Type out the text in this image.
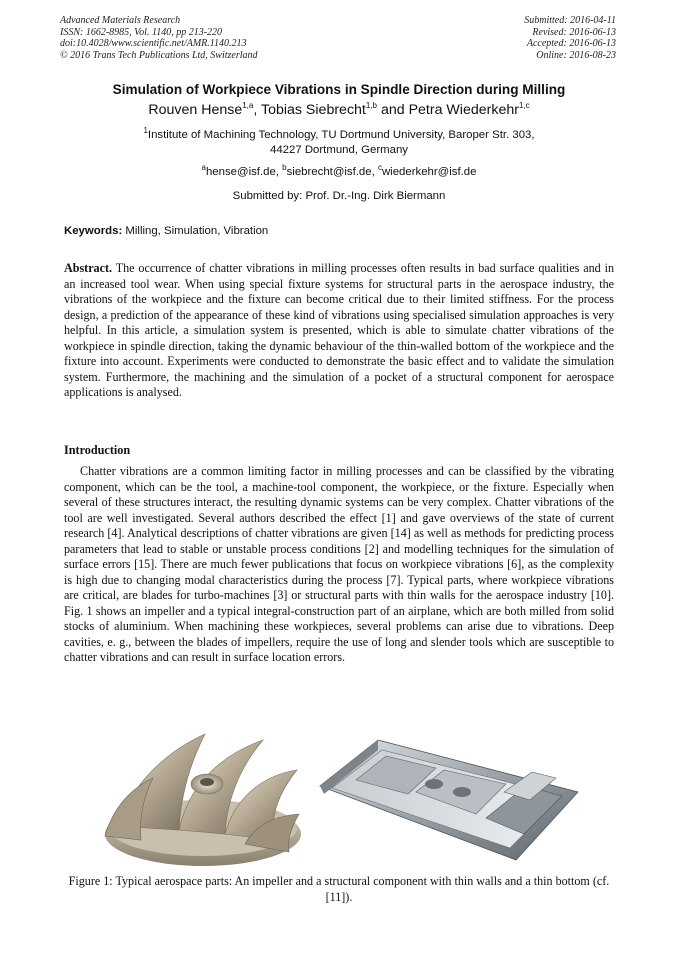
Advanced Materials Research
ISSN: 1662-8985, Vol. 1140, pp 213-220
doi:10.4028/www.scientific.net/AMR.1140.213
© 2016 Trans Tech Publications Ltd, Switzerland
Submitted: 2016-04-11
Revised: 2016-06-13
Accepted: 2016-06-13
Online: 2016-08-23
Simulation of Workpiece Vibrations in Spindle Direction during Milling
Rouven Hense$^{1,a}$, Tobias Siebrecht$^{1,b}$ and Petra Wiederkehr$^{1,c}$
$^1$Institute of Machining Technology, TU Dortmund University, Baroper Str. 303,
44227 Dortmund, Germany
$^a$hense@isf.de, $^b$siebrecht@isf.de, $^c$wiederkehr@isf.de
Submitted by: Prof. Dr.-Ing. Dirk Biermann
Keywords: Milling, Simulation, Vibration
Abstract. The occurrence of chatter vibrations in milling processes often results in bad surface qualities and in an increased tool wear. When using special fixture systems for structural parts in the aerospace industry, the vibrations of the workpiece and the fixture can become critical due to their limited stiffness. For the process design, a prediction of the appearance of these kind of vibrations using specialised simulation approaches is very helpful. In this article, a simulation system is presented, which is able to simulate chatter vibrations of the workpiece in spindle direction, taking the dynamic behaviour of the thin-walled bottom of the workpiece and the fixture into account. Experiments were conducted to demonstrate the basic effect and to validate the simulation system. Furthermore, the machining and the simulation of a pocket of a structural component for aerospace applications is analysed.
Introduction
Chatter vibrations are a common limiting factor in milling processes and can be classified by the vibrating component, which can be the tool, a machine-tool component, the workpiece, or the fixture. Especially when several of these structures interact, the resulting dynamic systems can be very complex. Chatter vibrations of the tool are well investigated. Several authors described the effect [1] and gave overviews of the state of current research [4]. Analytical descriptions of chatter vibrations are given [14] as well as methods for predicting process parameters that lead to stable or unstable process conditions [2] and modelling techniques for the simulation of surface errors [15]. There are much fewer publications that focus on workpiece vibrations [6], as the complexity is high due to changing modal characteristics during the process [7]. Typical parts, where workpiece vibrations are critical, are blades for turbo-machines [3] or structural parts with thin walls for the aerospace industry [10]. Fig. 1 shows an impeller and a typical integral-construction part of an airplane, which are both milled from solid stocks of aluminium. When machining these workpieces, several problems can arise due to vibrations. Deep cavities, e. g., between the blades of impellers, require the use of long and slender tools which are susceptible to chatter vibrations and can result in surface location errors.
Figure 1: Typical aerospace parts: An impeller and a structural component with thin walls and a thin bottom (cf. [11]).
